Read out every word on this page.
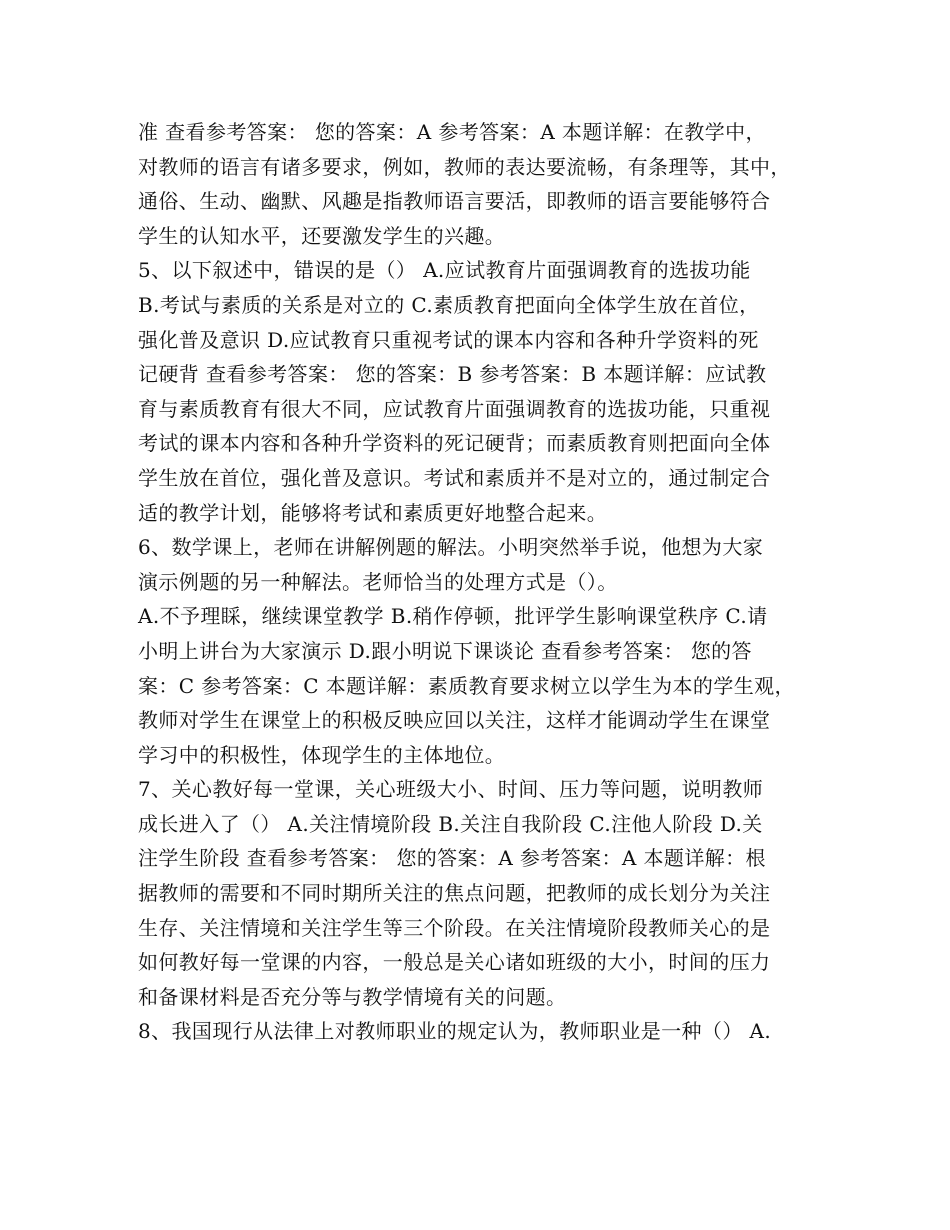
准 查看参考答案： 您的答案：A 参考答案：A 本题详解：在教学中，
对教师的语言有诸多要求，例如，教师的表达要流畅，有条理等，其中，
通俗、生动、幽默、风趣是指教师语言要活，即教师的语言要能够符合
学生的认知水平，还要激发学生的兴趣。
5、以下叙述中，错误的是（） A.应试教育片面强调教育的选拔功能
B.考试与素质的关系是对立的 C.素质教育把面向全体学生放在首位，
强化普及意识 D.应试教育只重视考试的课本内容和各种升学资料的死
记硬背 查看参考答案： 您的答案：B 参考答案：B 本题详解：应试教
育与素质教育有很大不同，应试教育片面强调教育的选拔功能，只重视
考试的课本内容和各种升学资料的死记硬背；而素质教育则把面向全体
学生放在首位，强化普及意识。考试和素质并不是对立的，通过制定合
适的教学计划，能够将考试和素质更好地整合起来。
6、数学课上，老师在讲解例题的解法。小明突然举手说，他想为大家
演示例题的另一种解法。老师恰当的处理方式是（）。
A.不予理睬，继续课堂教学 B.稍作停顿，批评学生影响课堂秩序 C.请
小明上讲台为大家演示 D.跟小明说下课谈论 查看参考答案： 您的答
案：C 参考答案：C 本题详解：素质教育要求树立以学生为本的学生观，
教师对学生在课堂上的积极反映应回以关注，这样才能调动学生在课堂
学习中的积极性，体现学生的主体地位。
7、关心教好每一堂课，关心班级大小、时间、压力等问题，说明教师
成长进入了（） A.关注情境阶段 B.关注自我阶段 C.注他人阶段 D.关
注学生阶段 查看参考答案： 您的答案：A 参考答案：A 本题详解：根
据教师的需要和不同时期所关注的焦点问题，把教师的成长划分为关注
生存、关注情境和关注学生等三个阶段。在关注情境阶段教师关心的是
如何教好每一堂课的内容，一般总是关心诸如班级的大小，时间的压力
和备课材料是否充分等与教学情境有关的问题。
8、我国现行从法律上对教师职业的规定认为，教师职业是一种（） A.
